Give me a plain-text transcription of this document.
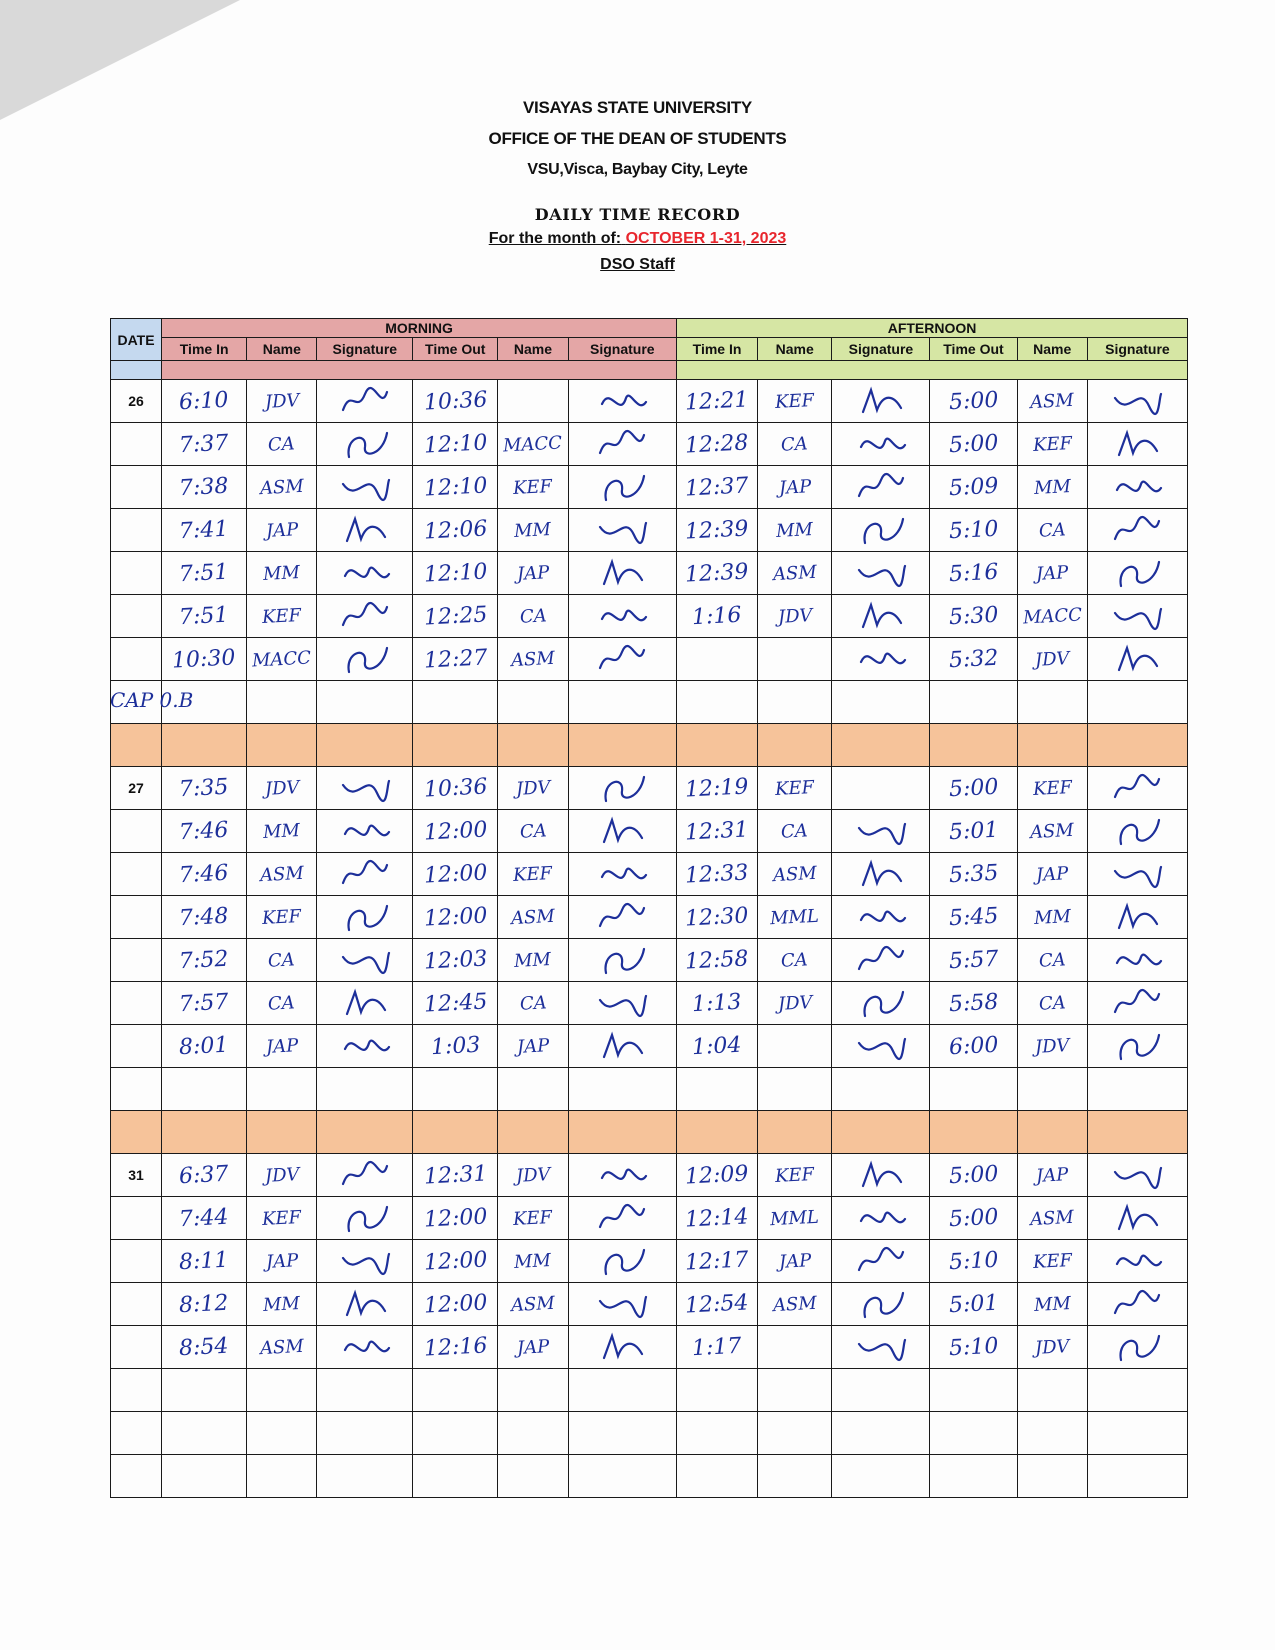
VISAYAS STATE UNIVERSITY
OFFICE OF THE DEAN OF STUDENTS
VSU,Visca, Baybay City, Leyte
DAILY TIME RECORD
For the month of: OCTOBER 1-31, 2023
DSO Staff
DATE	MORNING						AFTERNOON					
	Time In	Name	Signature	Time Out	Name	Signature	Time In	Name	Signature	Time Out	Name	Signature

26	6:10	JDV		10:36			12:21	KEF		5:00	ASM	
	7:37	CA		12:10	MACC		12:28	CA		5:00	KEF	
	7:38	ASM		12:10	KEF		12:37	JAP		5:09	MM	
	7:41	JAP		12:06	MM		12:39	MM		5:10	CA	
	7:51	MM		12:10	JAP		12:39	ASM		5:16	JAP	
	7:51	KEF		12:25	CA		1:16	JDV		5:30	MACC	
	10:30	MACC		12:27	ASM					5:32	JDV	

27	7:35	JDV		10:36	JDV		12:19	KEF		5:00	KEF	
	7:46	MM		12:00	CA		12:31	CA		5:01	ASM	
	7:46	ASM		12:00	KEF		12:33	ASM		5:35	JAP	
	7:48	KEF		12:00	ASM		12:30	MML		5:45	MM	
	7:52	CA		12:03	MM		12:58	CA		5:57	CA	
	7:57	CA		12:45	CA		1:13	JDV		5:58	CA	
	8:01	JAP		1:03	JAP		1:04			6:00	JDV	

31	6:37	JDV		12:31	JDV		12:09	KEF		5:00	JAP	
	7:44	KEF		12:00	KEF		12:14	MML		5:00	ASM	
	8:11	JAP		12:00	MM		12:17	JAP		5:10	KEF	
	8:12	MM		12:00	ASM		12:54	ASM		5:01	MM	
	8:54	ASM		12:16	JAP		1:17			5:10	JDV	

CAP 0.B
